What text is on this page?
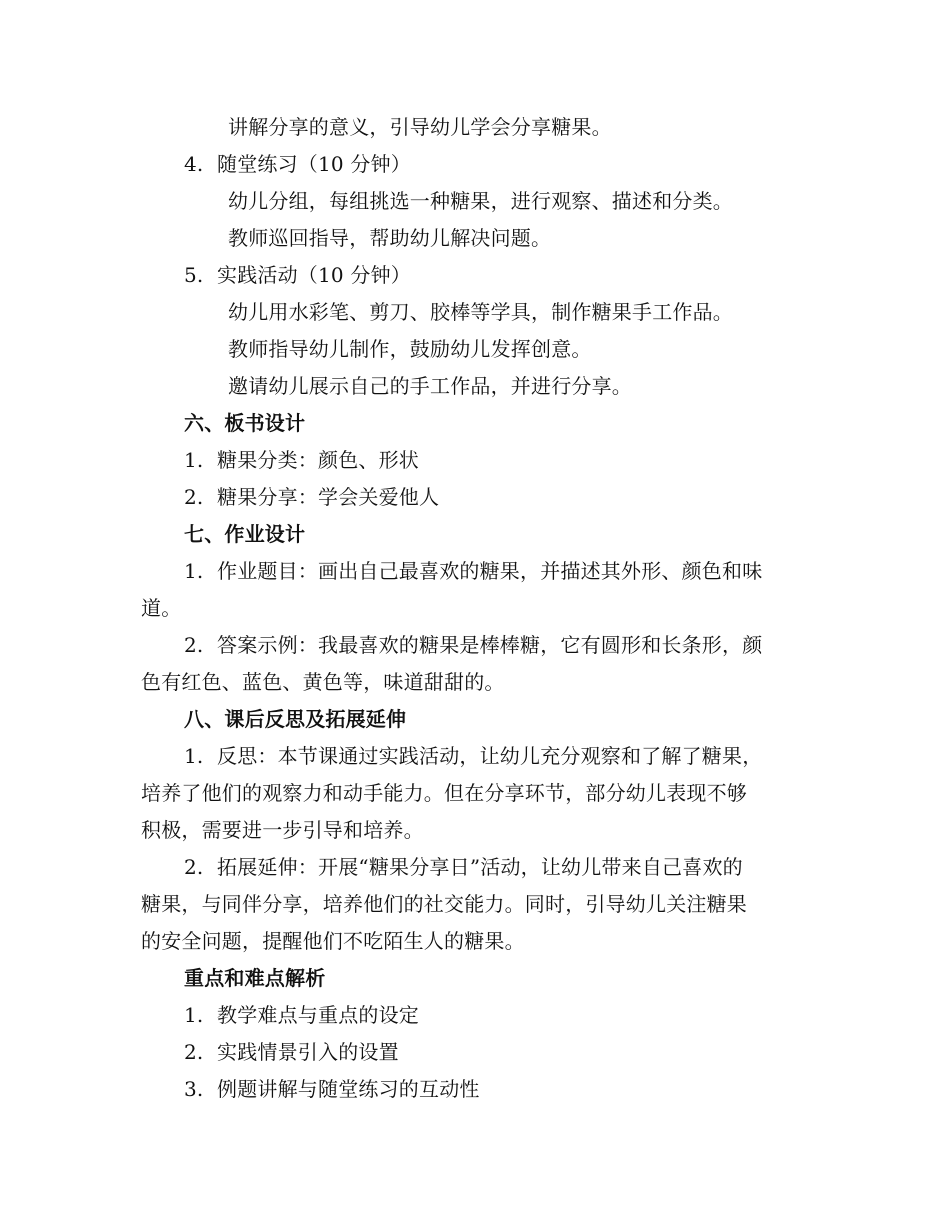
讲解分享的意义，引导幼儿学会分享糖果。
4. 随堂练习（10 分钟）
幼儿分组，每组挑选一种糖果，进行观察、描述和分类。
教师巡回指导，帮助幼儿解决问题。
5. 实践活动（10 分钟）
幼儿用水彩笔、剪刀、胶棒等学具，制作糖果手工作品。
教师指导幼儿制作，鼓励幼儿发挥创意。
邀请幼儿展示自己的手工作品，并进行分享。
六、板书设计
1. 糖果分类：颜色、形状
2. 糖果分享：学会关爱他人
七、作业设计
1. 作业题目：画出自己最喜欢的糖果，并描述其外形、颜色和味
道。
2. 答案示例：我最喜欢的糖果是棒棒糖，它有圆形和长条形，颜
色有红色、蓝色、黄色等，味道甜甜的。
八、课后反思及拓展延伸
1. 反思：本节课通过实践活动，让幼儿充分观察和了解了糖果，
培养了他们的观察力和动手能力。但在分享环节，部分幼儿表现不够
积极，需要进一步引导和培养。
2. 拓展延伸：开展“糖果分享日”活动，让幼儿带来自己喜欢的
糖果，与同伴分享，培养他们的社交能力。同时，引导幼儿关注糖果
的安全问题，提醒他们不吃陌生人的糖果。
重点和难点解析
1. 教学难点与重点的设定
2. 实践情景引入的设置
3. 例题讲解与随堂练习的互动性
